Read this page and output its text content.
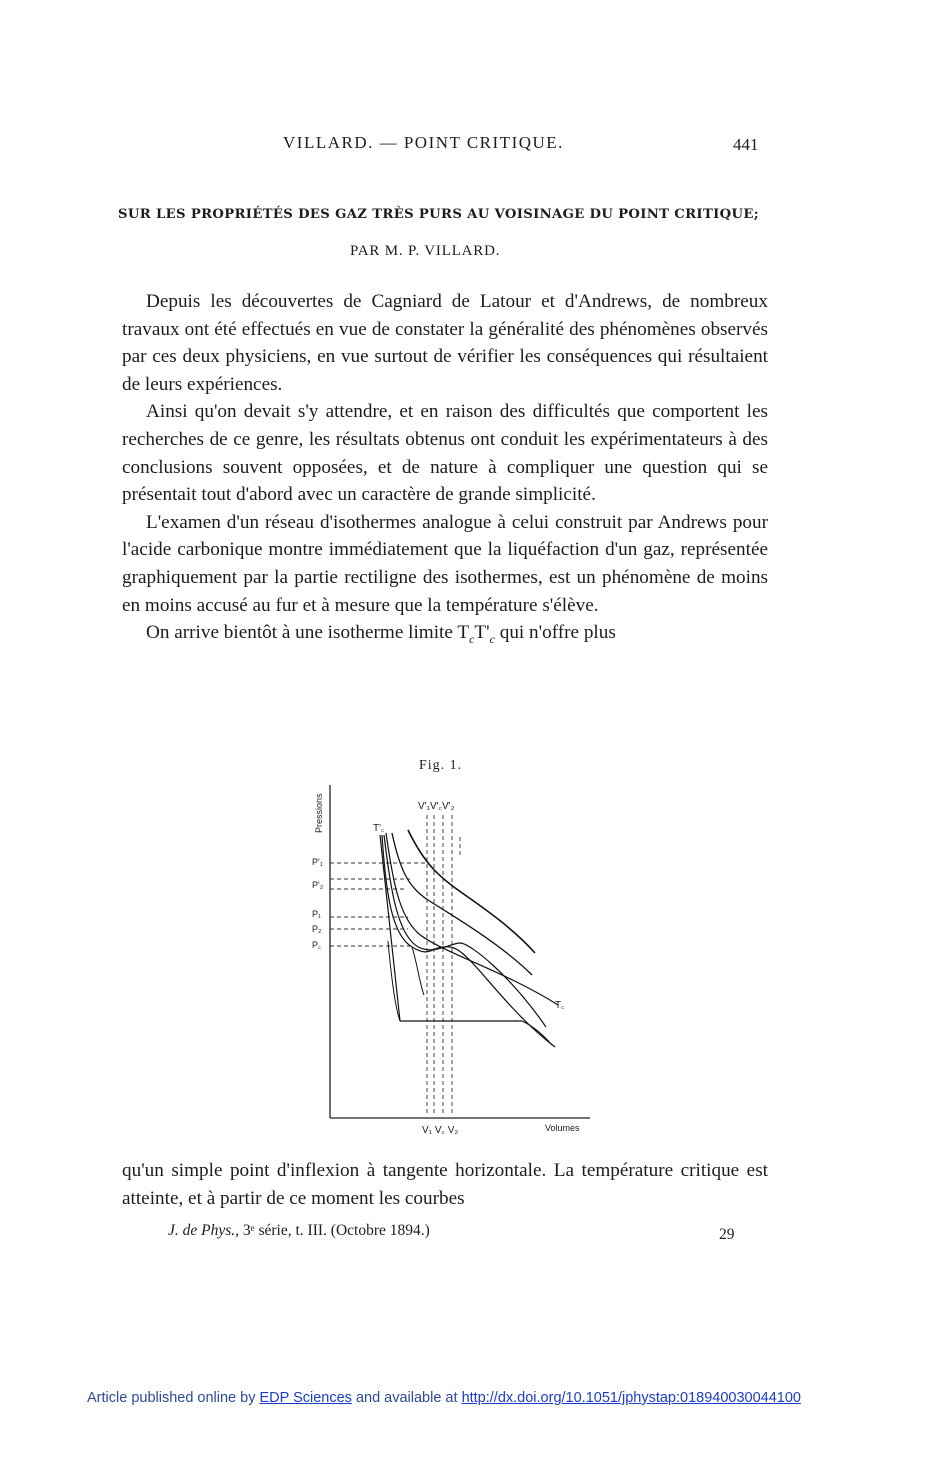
VILLARD. — POINT CRITIQUE.	441
SUR LES PROPRIÉTÉS DES GAZ TRÈS PURS AU VOISINAGE DU POINT CRITIQUE;
PAR M. P. VILLARD.

Depuis les découvertes de Cagniard de Latour et d'Andrews, de nombreux travaux ont été effectués en vue de constater la généralité des phénomènes observés par ces deux physiciens, en vue surtout de vérifier les conséquences qui résultaient de leurs expériences.

Ainsi qu'on devait s'y attendre, et en raison des difficultés que comportent les recherches de ce genre, les résultats obtenus ont conduit les expérimentateurs à des conclusions souvent opposées, et de nature à compliquer une question qui se présentait tout d'abord avec un caractère de grande simplicité.

L'examen d'un réseau d'isothermes analogue à celui construit par Andrews pour l'acide carbonique montre immédiatement que la liquéfaction d'un gaz, représentée graphiquement par la partie rectiligne des isothermes, est un phénomène de moins en moins accusé au fur et à mesure que la température s'élève.

On arrive bientôt à une isotherme limite $T_cT'_c$ qui n'offre plus

Fig. 1.
Pressions
Volumes
V'₁V'꜀V'₂
T'꜀
T꜀
V₁ V꜀ V₂
P'₁
P'₂
P₁
P₂
P꜀

qu'un simple point d'inflexion à tangente horizontale. La température critique est atteinte, et à partir de ce moment les courbes

J. de Phys., 3ᵉ série, t. III. (Octobre 1894.)	29
Article published online by EDP Sciences and available at http://dx.doi.org/10.1051/jphystap:018940030044100
